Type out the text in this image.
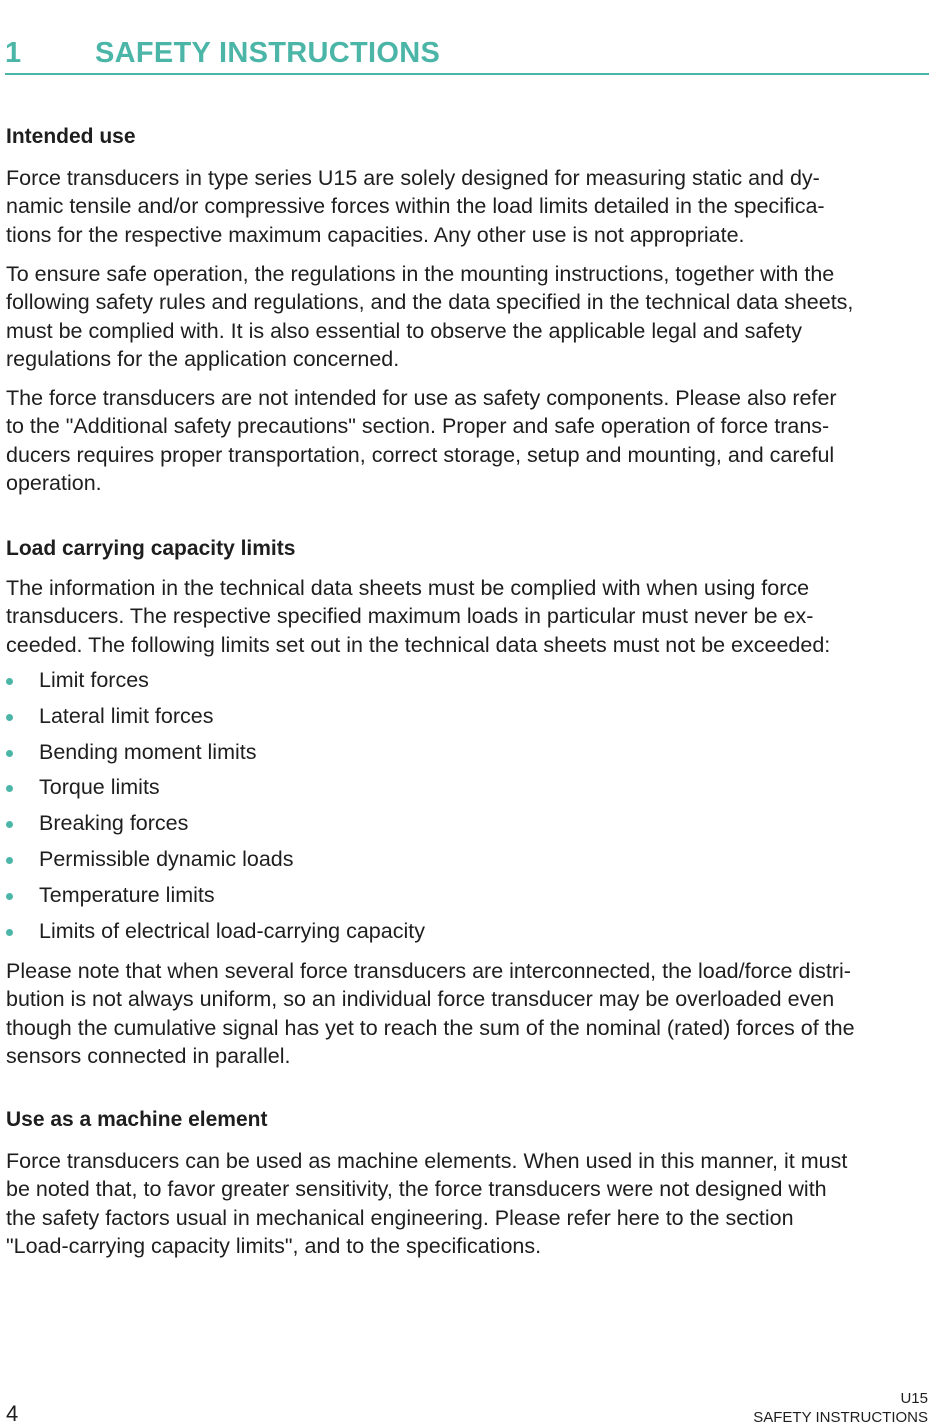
1	SAFETY INSTRUCTIONS
Intended use

Force transducers in type series U15 are solely designed for measuring static and dy-
namic tensile and/or compressive forces within the load limits detailed in the specifica-
tions for the respective maximum capacities. Any other use is not appropriate.

To ensure safe operation, the regulations in the mounting instructions, together with the
following safety rules and regulations, and the data specified in the technical data sheets,
must be complied with. It is also essential to observe the applicable legal and safety
regulations for the application concerned.

The force transducers are not intended for use as safety components. Please also refer
to the "Additional safety precautions" section. Proper and safe operation of force trans-
ducers requires proper transportation, correct storage, setup and mounting, and careful
operation.

Load carrying capacity limits

The information in the technical data sheets must be complied with when using force
transducers. The respective specified maximum loads in particular must never be ex-
ceeded. The following limits set out in the technical data sheets must not be exceeded:

Limit forces
Lateral limit forces
Bending moment limits
Torque limits
Breaking forces
Permissible dynamic loads
Temperature limits
Limits of electrical load-carrying capacity

Please note that when several force transducers are interconnected, the load/force distri-
bution is not always uniform, so an individual force transducer may be overloaded even
though the cumulative signal has yet to reach the sum of the nominal (rated) forces of the
sensors connected in parallel.

Use as a machine element

Force transducers can be used as machine elements. When used in this manner, it must
be noted that, to favor greater sensitivity, the force transducers were not designed with
the safety factors usual in mechanical engineering. Please refer here to the section
"Load-carrying capacity limits", and to the specifications.

4
U15
SAFETY INSTRUCTIONS
